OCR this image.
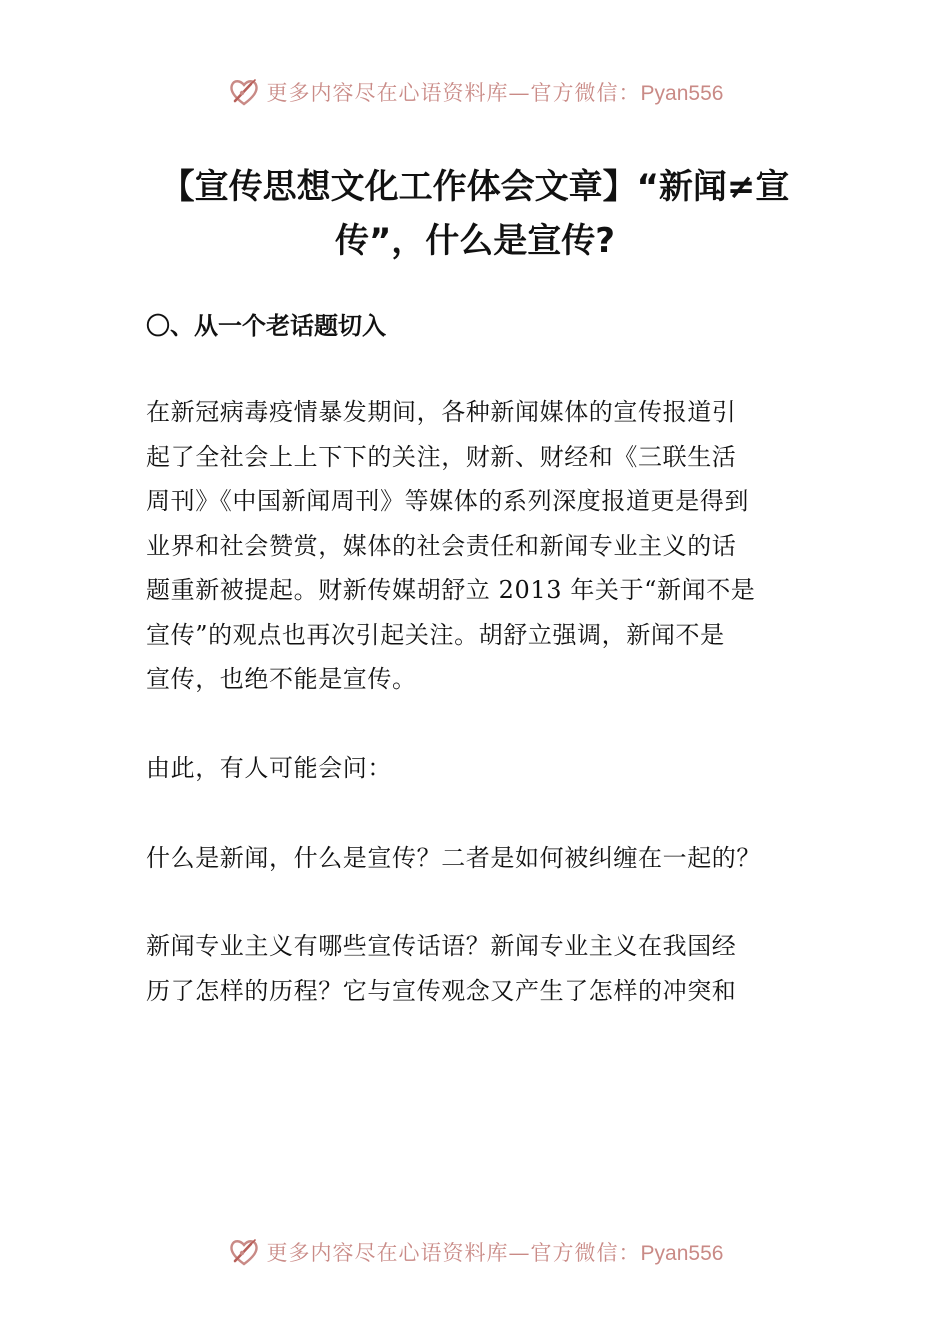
更多内容尽在心语资料库—官方微信：Pyan556
【宣传思想文化工作体会文章】“新闻≠宣
传”，什么是宣传?
〇、从一个老话题切入

在新冠病毒疫情暴发期间，各种新闻媒体的宣传报道引
起了全社会上上下下的关注，财新、财经和《三联生活
周刊》《中国新闻周刊》等媒体的系列深度报道更是得到
业界和社会赞赏，媒体的社会责任和新闻专业主义的话
题重新被提起。财新传媒胡舒立 2013 年关于“新闻不是
宣传”的观点也再次引起关注。胡舒立强调，新闻不是
宣传，也绝不能是宣传。

由此，有人可能会问：

什么是新闻，什么是宣传？二者是如何被纠缠在一起的？

新闻专业主义有哪些宣传话语？新闻专业主义在我国经
历了怎样的历程？它与宣传观念又产生了怎样的冲突和

更多内容尽在心语资料库—官方微信：Pyan556
